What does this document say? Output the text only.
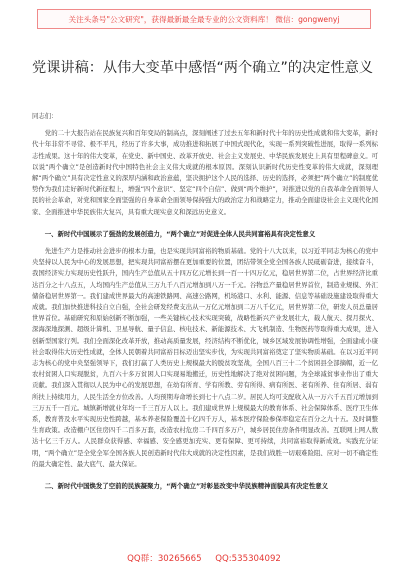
关注头条号"公文研究"，获得最新最全最专业的公文资料库！ 微信：gongwenyj
党课讲稿：从伟大变革中感悟“两个确立”的决定性意义

同志们：

党的二十大报告站在民族复兴和百年变局的制高点，深刻阐述了过去五年和新时代十年的历史性成就和伟大变革，新时代十年非常不寻常、极不平凡，经历了许多大事，成功推进和拓展了中国式现代化，实现一系列突破性进展，取得一系列标志性成果。这十年的伟大变革，在党史、新中国史、改革开放史、社会主义发展史、中华民族发展史上具有里程碑意义。可以说“两个确立”是创造新时代中国特色社会主义伟大成就的根本原因。深刻认识新时代历史性变革的伟大成就，深刻理解“两个确立”具有决定性意义的深厚内涵和政治意蕴，坚决拥护这个人民的选择、历史的选择，必须把“两个确立”的制度优势作为我们走好新时代新征程上，增强“四个意识”、坚定“四个自信”、做到“两个维护”，对推进以党的自我革命全面领导人民的社会革命，对党和国家全面坚强的自身革命全面领导保持强大的政治定力和战略定力，推动全面建设社会主义现代化国家、全面推进中华民族伟大复兴，具有重大现实意义和深远历史意义。

一、新时代中国展示了强劲的发展创造力，“两个确立”对促进全体人民共同富裕具有决定性意义

先进生产力是推动社会进步的根本力量，也是实现共同富裕的物质基础。党的十八大以来，以习近平同志为核心的党中央坚持以人民为中心的发展思想，把实现共同富裕摆在更加重要的位置，团结带领全党全国各族人民砥砺奋进，接续奋斗，我国经济实力实现历史性跃升，国内生产总值从五十四万亿元增长到一百一十四万亿元，稳居世界第二位，占世界经济比重达百分之十八点五，人均国内生产总值从三万九千八百元增加到八万一千元。谷物总产量稳居世界首位，制造业规模、外汇储备稳居世界第一。我们建成世界最大的高速铁路网、高速公路网，机场港口、水利、能源、信息等基础设施建设取得重大成就。我们加快推进科技自立自强，全社会研发经费支出从一万亿元增加到二万八千亿元，居世界第二位，研发人员总量居世界首位。基础研究和原始创新不断加强，一些关键核心技术实现突破，战略性新兴产业发展壮大，载人航天、探月探火、深海深地探测、超级计算机、卫星导航、量子信息、核电技术、新能源技术、大飞机制造、生物医药等取得重大成果，进入创新型国家行列。我们全面深化改革开放，推动高质量发展，经济结构不断优化，城乡区域发展协调性增强，全面建成小康社会取得伟大历史性成就，全体人民朝着共同富裕目标迈出坚实步伐，为实现共同富裕奠定了坚实物质基础。在以习近平同志为核心的党中央坚强领导下，我们打赢了人类历史上规模最大的脱贫攻坚战，全国八百三十二个贫困县全部摘帽，近一亿农村贫困人口实现脱贫，九百六十多万贫困人口实现易地搬迁，历史性地解决了绝对贫困问题，为全球减贫事业作出了重大贡献。我们深入贯彻以人民为中心的发展思想，在幼有所育、学有所教、劳有所得、病有所医、老有所养、住有所居、弱有所扶上持续用力，人民生活全方位改善。人均预期寿命增长到七十八点二岁。居民人均可支配收入从一万六千五百元增加到三万五千一百元。城镇新增就业年均一千三百万人以上。我们建成世界上规模最大的教育体系、社会保障体系、医疗卫生体系，教育普及水平实现历史性跨越，基本养老保险覆盖十亿四千万人，基本医疗保险参保率稳定在百分之九十五。及时调整生育政策。改造棚户区住房四千二百多万套，改造农村危房二千四百多万户，城乡居民住房条件明显改善。互联网上网人数达十亿三千万人。人民群众获得感、幸福感、安全感更加充实、更有保障、更可持续，共同富裕取得新成效。实践充分证明，“两个确立”是全党全军全国各族人民创造新时代伟大成就的决定性因素，是我们战胜一切艰难险阻、应对一切不确定性的最大确定性、最大底气、最大保证。

二、新时代中国焕发了空前的民族凝聚力，“两个确立”对彰显改变中华民族精神面貌具有决定性意义

QQ群：30265665 QQ:535304092
